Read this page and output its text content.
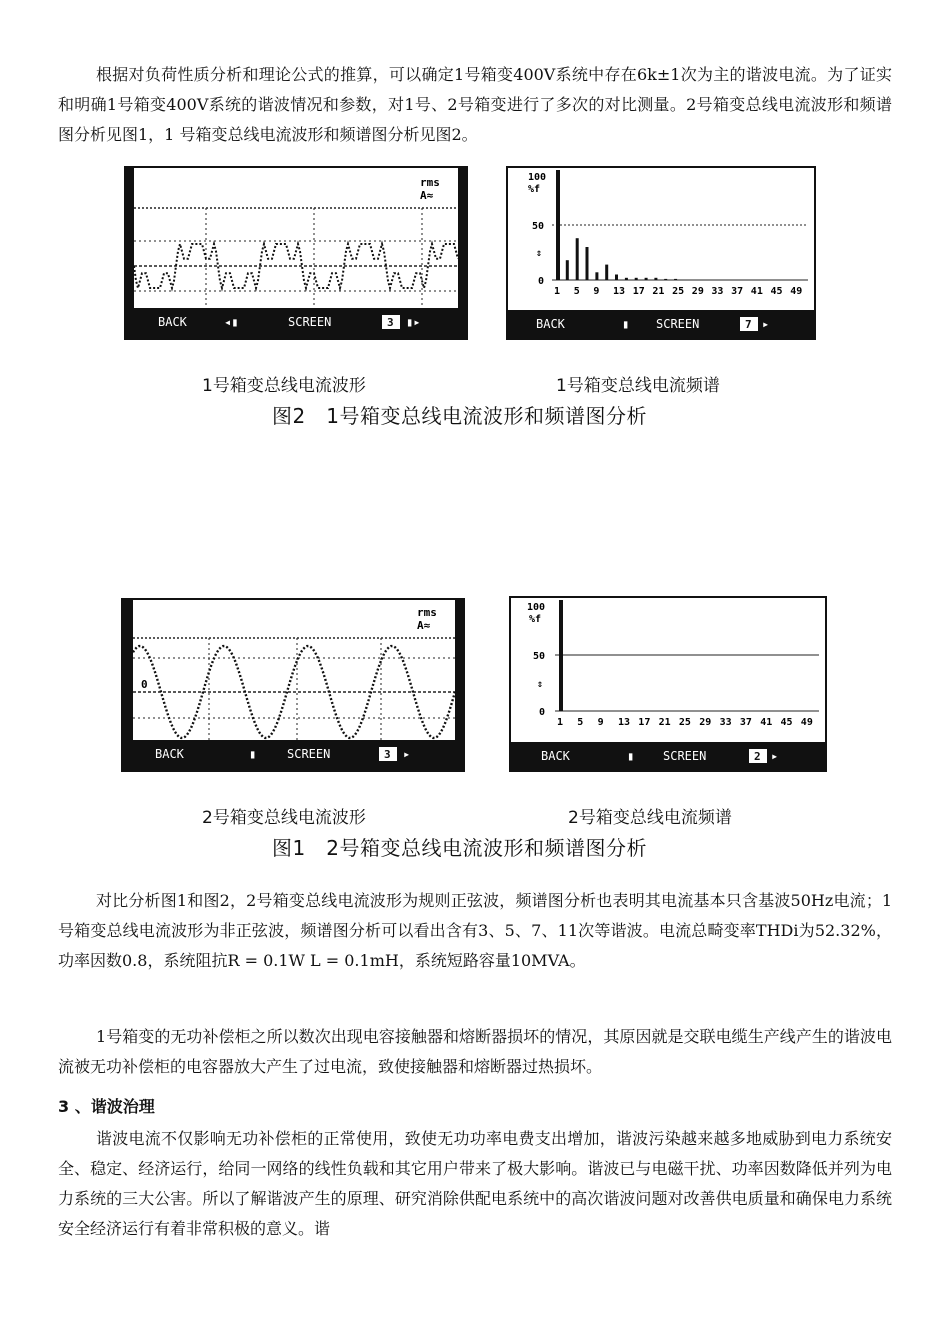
根据对负荷性质分析和理论公式的推算，可以确定1号箱变400V系统中存在6k±1次为主的谐波电流。为了证实和明确1号箱变400V系统的谐波情况和参数，对1号、2号箱变进行了多次的对比测量。2号箱变总线电流波形和频谱图分析见图1，1 号箱变总线电流波形和频谱图分析见图2。

rms
A≈
BACK	◂▮	SCREEN	3 ▮▸
100
%f
50
⇕
0
1 5 9 13 17 21 25 29 33 37 41 45 49
BACK	▮ SCREEN	7 ▸
1号箱变总线电流波形	1号箱变总线电流频谱
图2　1号箱变总线电流波形和频谱图分析
0
rms
A≈
BACK	▮	SCREEN	3 ▸
100
%f
50
⇕
0
1 5 9 13 17 21 25 29 33 37 41 45 49
BACK	▮ SCREEN	2 ▸
2号箱变总线电流波形	2号箱变总线电流频谱
图1　2号箱变总线电流波形和频谱图分析

对比分析图1和图2，2号箱变总线电流波形为规则正弦波，频谱图分析也表明其电流基本只含基波50Hz电流；1号箱变总线电流波形为非正弦波，频谱图分析可以看出含有3、5、7、11次等谐波。电流总畸变率THDi为52.32%，功率因数0.8，系统阻抗R = 0.1W L = 0.1mH，系统短路容量10MVA。

1号箱变的无功补偿柜之所以数次出现电容接触器和熔断器损坏的情况，其原因就是交联电缆生产线产生的谐波电流被无功补偿柜的电容器放大产生了过电流，致使接触器和熔断器过热损坏。

3 、谐波治理

谐波电流不仅影响无功补偿柜的正常使用，致使无功功率电费支出增加，谐波污染越来越多地威胁到电力系统安全、稳定、经济运行，给同一网络的线性负载和其它用户带来了极大影响。谐波已与电磁干扰、功率因数降低并列为电力系统的三大公害。所以了解谐波产生的原理、研究消除供配电系统中的高次谐波问题对改善供电质量和确保电力系统安全经济运行有着非常积极的意义。谐
